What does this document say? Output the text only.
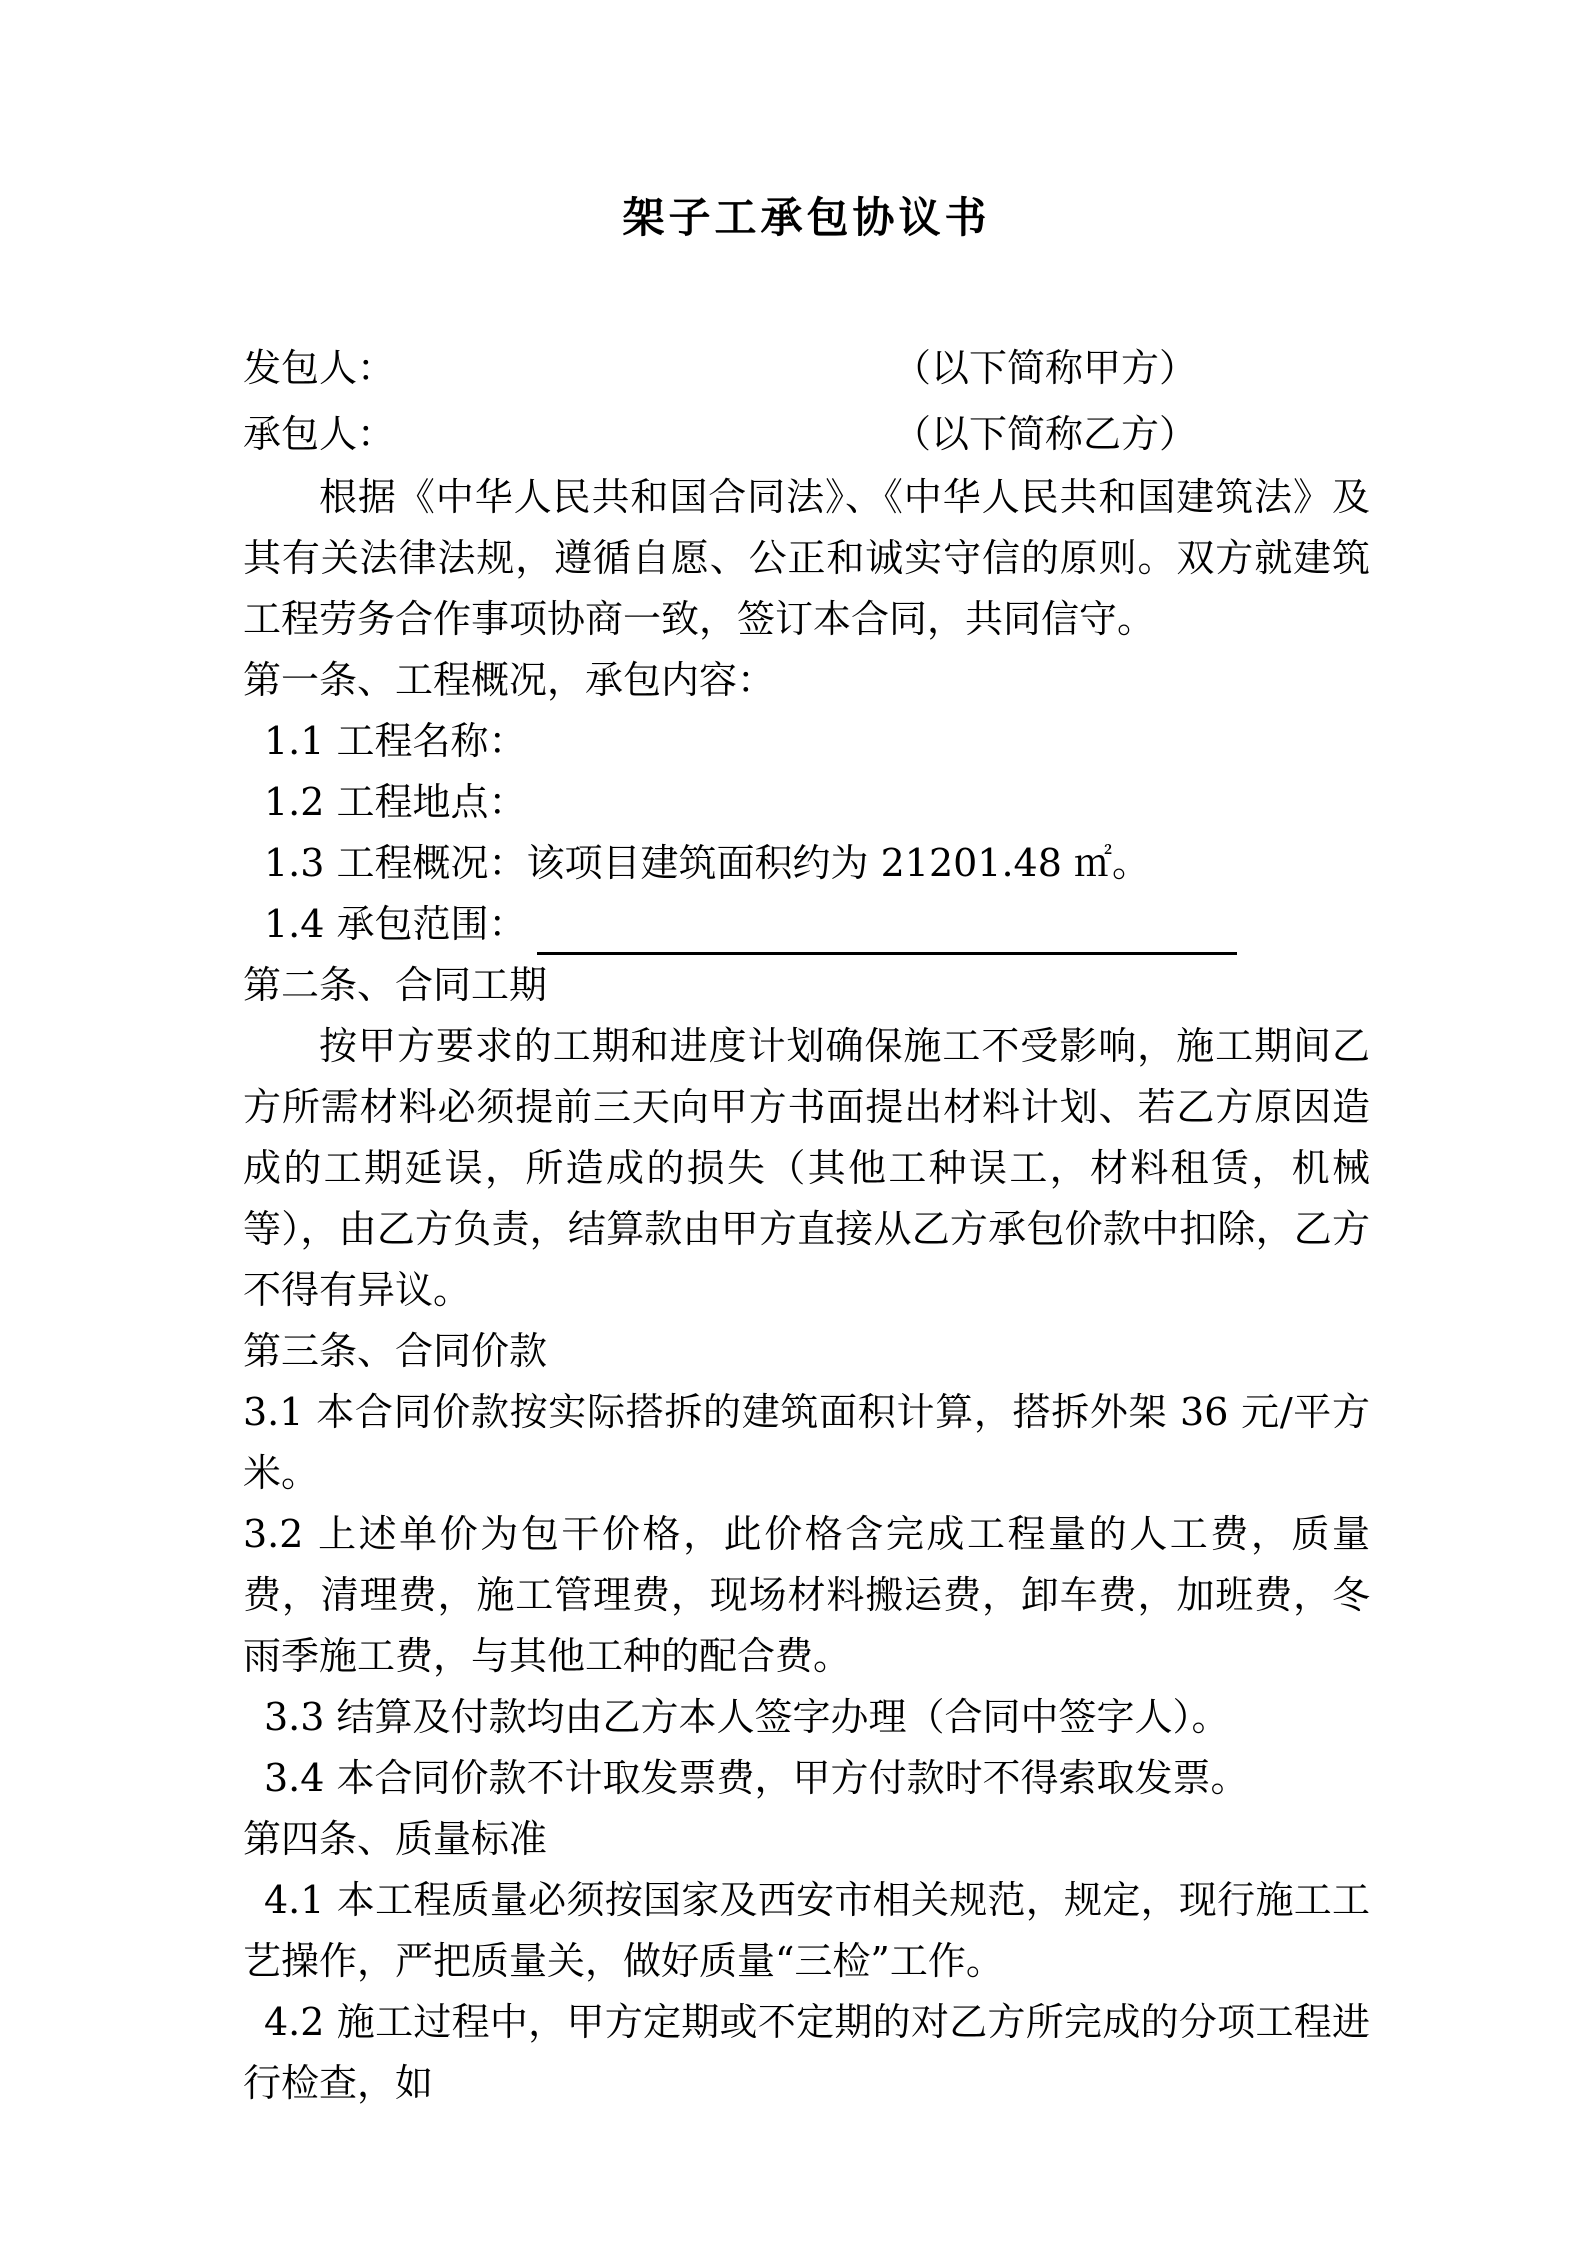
架子工承包协议书
发包人：	（以下简称甲方）
承包人：	（以下简称乙方）

根据《中华人民共和国合同法》、《中华人民共和国建筑法》及其有关法律法规，遵循自愿、公正和诚实守信的原则。双方就建筑工程劳务合作事项协商一致，签订本合同，共同信守。

第一条、工程概况，承包内容：

1.1 工程名称：

1.2 工程地点：

1.3 工程概况：该项目建筑面积约为 21201.48 ㎡。

1.4 承包范围：

第二条、合同工期

按甲方要求的工期和进度计划确保施工不受影响，施工期间乙方所需材料必须提前三天向甲方书面提出材料计划、若乙方原因造成的工期延误，所造成的损失（其他工种误工，材料租赁，机械等），由乙方负责，结算款由甲方直接从乙方承包价款中扣除，乙方不得有异议。

第三条、合同价款

3.1 本合同价款按实际搭拆的建筑面积计算，搭拆外架 36 元/平方米。

3.2 上述单价为包干价格，此价格含完成工程量的人工费，质量费，清理费，施工管理费，现场材料搬运费，卸车费，加班费，冬雨季施工费，与其他工种的配合费。

3.3 结算及付款均由乙方本人签字办理（合同中签字人）。

3.4 本合同价款不计取发票费，甲方付款时不得索取发票。

第四条、质量标准

4.1 本工程质量必须按国家及西安市相关规范，规定，现行施工工艺操作，严把质量关，做好质量“三检”工作。

4.2 施工过程中，甲方定期或不定期的对乙方所完成的分项工程进行检查，如
